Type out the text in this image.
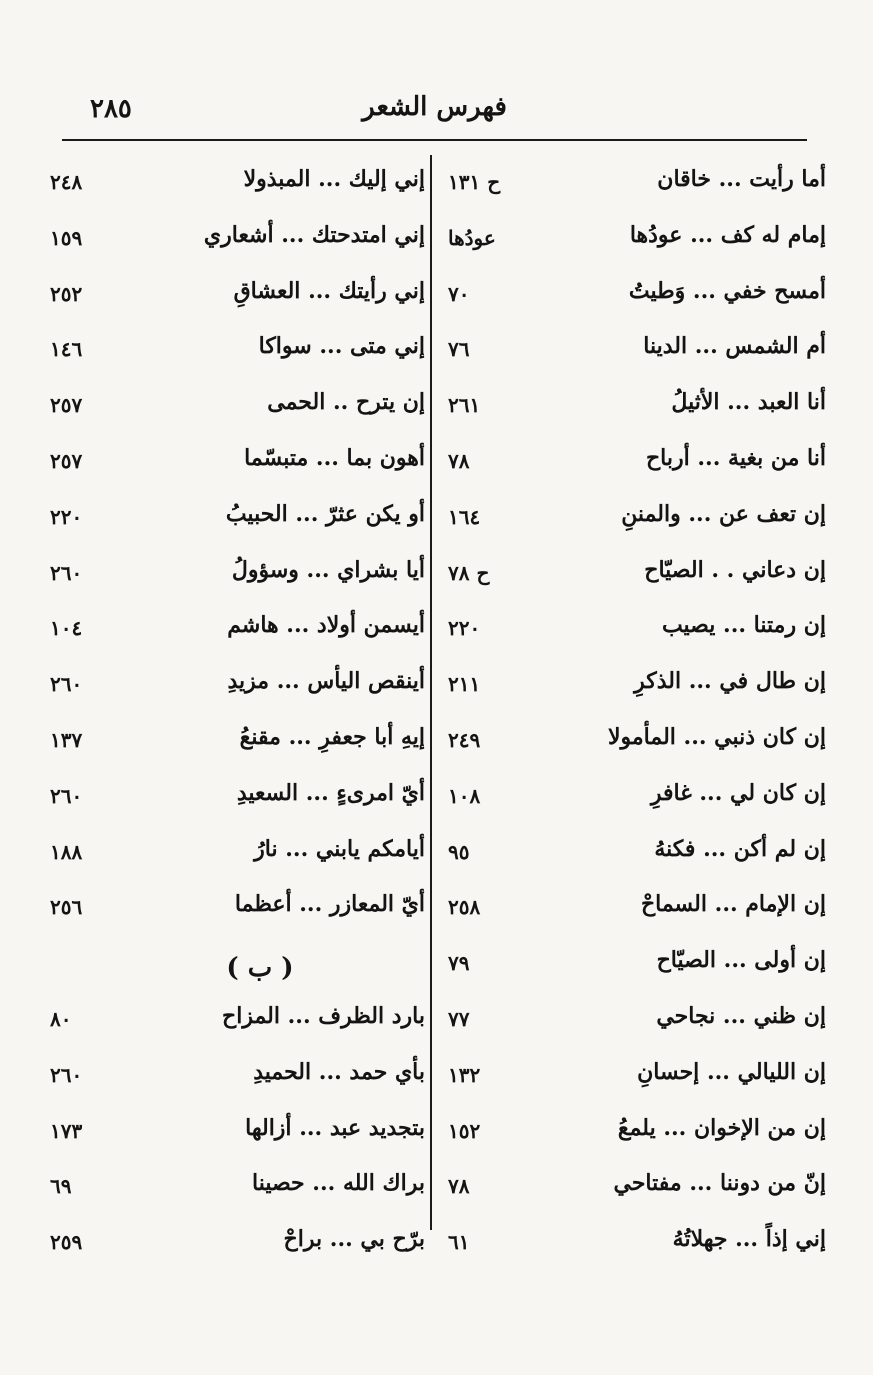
٢٨٥	فهرس الشعر
أما رأيت ... خاقان
ح ١٣١
إمام له كف ... عودُها
عودُها
أمسح خفي ... وَطيتُ
٧٠
أم الشمس ... الدينا
٧٦
أنا العبد ... الأثيلُ
٢٦١
أنا من بغية ... أرباح
٧٨
إن تعف عن ... والمننِ
١٦٤
إن دعاني . . الصيّاح
ح ٧٨
إن رمتنا ... يصيب
٢٢٠
إن طال في ... الذكرِ
٢١١
إن كان ذنبي ... المأمولا
٢٤٩
إن كان لي ... غافرِ
١٠٨
إن لم أكن ... فكنهُ
٩٥
إن الإمام ... السماحْ
٢٥٨
إن أولى ... الصيّاح
٧٩
إن ظني ... نجاحي
٧٧
إن الليالي ... إحسانِ
١٣٢
إن من الإخوان ... يلمعُ
١٥٢
إنّ من دوننا ... مفتاحي
٧٨
إني إذاً ... جهلاتُهُ
٦١
إني إليك ... المبذولا
٢٤٨
إني امتدحتك ... أشعاري
١٥٩
إني رأيتك ... العشاقِ
٢٥٢
إني متى ... سواكا
١٤٦
إن يترح .. الحمى
٢٥٧
أهون بما ... متبسّما
٢٥٧
أو يكن عثرّ ... الحبيبُ
٢٢٠
أيا بشراي ... وسؤولُ
٢٦٠
أيسمن أولاد ... هاشم
١٠٤
أينقص اليأس ... مزيدِ
٢٦٠
إيهِ أبا جعفرِ ... مقنعُ
١٣٧
أيّ امرىءٍ ... السعيدِ
٢٦٠
أيامكم يابني ... نارُ
١٨٨
أيّ المعازر ... أعظما
٢٥٦
( ب )
بارد الظرف ... المزاح
٨٠
بأي حمد ... الحميدِ
٢٦٠
بتجديد عبد ... أزالها
١٧٣
براك الله ... حصينا
٦٩
برّح بي ... براحْ
٢٥٩
